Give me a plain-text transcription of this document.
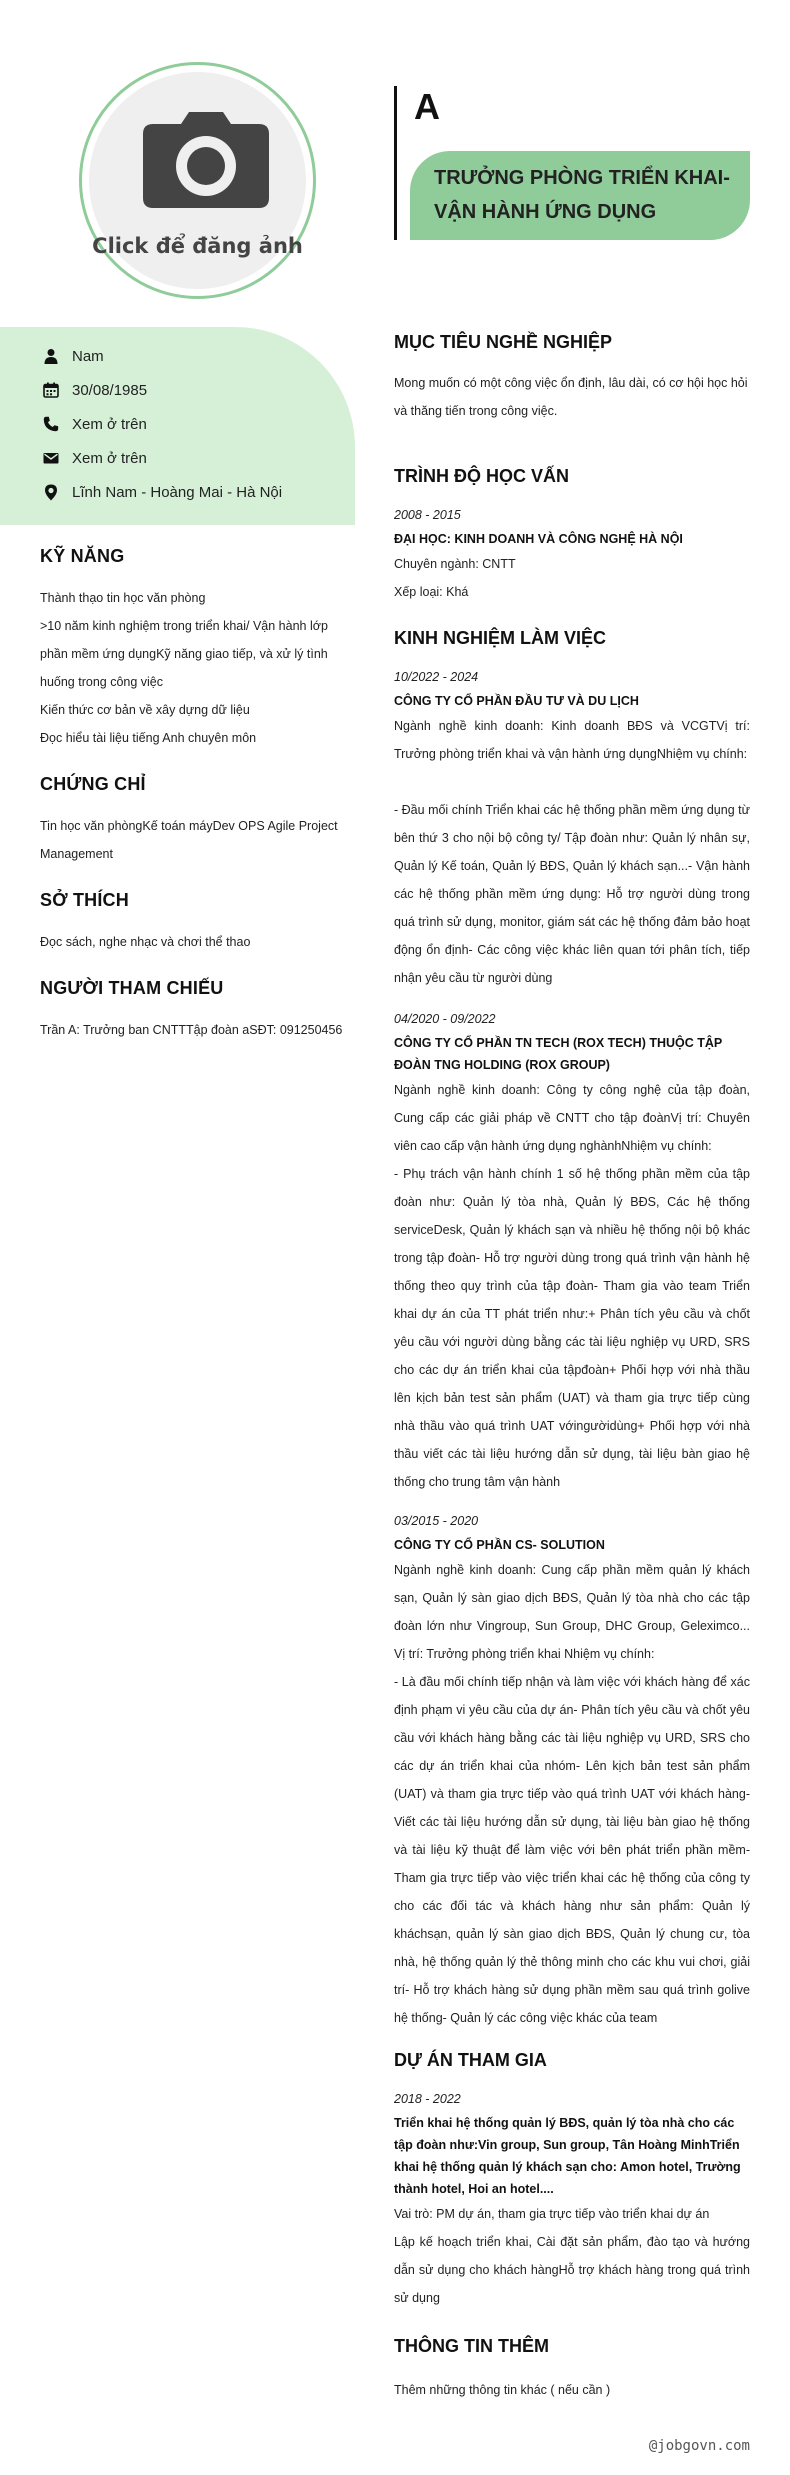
Click để đăng ảnh
A
TRƯỞNG PHÒNG TRIỂN KHAI- VẬN HÀNH ỨNG DỤNG
Nam
30/08/1985
Xem ở trên
Xem ở trên
Lĩnh Nam - Hoàng Mai - Hà Nội
KỸ NĂNG
Thành thạo tin học văn phòng
>10 năm kinh nghiệm trong triển khai/ Vận hành lớp phần mềm ứng dụngKỹ năng giao tiếp, và xử lý tình huống trong công việc
Kiến thức cơ bản về xây dựng dữ liệu
Đọc hiểu tài liệu tiếng Anh chuyên môn
CHỨNG CHỈ
Tin học văn phòngKế toán máyDev OPS Agile Project Management
SỞ THÍCH
Đọc sách, nghe nhạc và chơi thể thao
NGƯỜI THAM CHIẾU
Trần A: Trưởng ban CNTTTập đoàn aSĐT: 091250456
MỤC TIÊU NGHỀ NGHIỆP
Mong muốn có một công việc ổn định, lâu dài, có cơ hội học hỏi và thăng tiến trong công việc.
TRÌNH ĐỘ HỌC VẤN
2008 - 2015
ĐẠI HỌC: KINH DOANH VÀ CÔNG NGHỆ HÀ NỘI
Chuyên ngành: CNTT
Xếp loại: Khá
KINH NGHIỆM LÀM VIỆC
10/2022 - 2024
CÔNG TY CỔ PHẦN ĐẦU TƯ VÀ DU LỊCH
Ngành nghề kinh doanh: Kinh doanh BĐS và VCGTVị trí: Trưởng phòng triển khai và vận hành ứng dụngNhiệm vụ chính:
- Đầu mối chính Triển khai các hệ thống phần mềm ứng dụng từ bên thứ 3 cho nội bộ công ty/ Tập đoàn như: Quản lý nhân sự, Quản lý Kế toán, Quản lý BĐS, Quản lý khách sạn...- Vận hành các hệ thống phần mềm ứng dụng: Hỗ trợ người dùng trong quá trình sử dụng, monitor, giám sát các hệ thống đảm bảo hoạt động ổn định- Các công việc khác liên quan tới phân tích, tiếp nhận yêu cầu từ người dùng
04/2020 - 09/2022
CÔNG TY CỔ PHẦN TN TECH (ROX TECH) THUỘC TẬP ĐOÀN TNG HOLDING (ROX GROUP)
Ngành nghề kinh doanh: Công ty công nghệ của tập đoàn, Cung cấp các giải pháp về CNTT cho tập đoànVị trí: Chuyên viên cao cấp vận hành ứng dụng nghànhNhiệm vụ chính:
- Phụ trách vận hành chính 1 số hệ thống phần mềm của tập đoàn như: Quản lý tòa nhà, Quản lý BĐS, Các hệ thống serviceDesk, Quản lý khách sạn và nhiều hệ thống nội bộ khác trong tập đoàn- Hỗ trợ người dùng trong quá trình vận hành hệ thống theo quy trình của tập đoàn- Tham gia vào team Triển khai dự án của TT phát triển như:+ Phân tích yêu cầu và chốt yêu cầu với người dùng bằng các tài liệu nghiệp vụ URD, SRS cho các dự án triển khai của tậpđoàn+ Phối hợp với nhà thầu lên kịch bản test sản phẩm (UAT) và tham gia trực tiếp cùng nhà thầu vào quá trình UAT vớingườidùng+ Phối hợp với nhà thầu viết các tài liệu hướng dẫn sử dụng, tài liệu bàn giao hệ thống cho trung tâm vận hành
03/2015 - 2020
CÔNG TY CỔ PHẦN CS- SOLUTION
Ngành nghề kinh doanh: Cung cấp phần mềm quản lý khách sạn, Quản lý sàn giao dịch BĐS, Quản lý tòa nhà cho các tập đoàn lớn như Vingroup, Sun Group, DHC Group, Geleximco... Vị trí: Trưởng phòng triển khai Nhiệm vụ chính:
- Là đầu mối chính tiếp nhận và làm việc với khách hàng để xác định phạm vi yêu cầu của dự án- Phân tích yêu cầu và chốt yêu cầu với khách hàng bằng các tài liệu nghiệp vụ URD, SRS cho các dự án triển khai của nhóm- Lên kịch bản test sản phẩm (UAT) và tham gia trực tiếp vào quá trình UAT với khách hàng- Viết các tài liệu hướng dẫn sử dụng, tài liệu bàn giao hệ thống và tài liệu kỹ thuật để làm việc với bên phát triển phần mềm- Tham gia trực tiếp vào việc triển khai các hệ thống của công ty cho các đối tác và khách hàng như sản phẩm: Quản lý kháchsạn, quản lý sàn giao dịch BĐS, Quản lý chung cư, tòa nhà, hệ thống quản lý thẻ thông minh cho các khu vui chơi, giải trí- Hỗ trợ khách hàng sử dụng phần mềm sau quá trình golive hệ thống- Quản lý các công việc khác của team
DỰ ÁN THAM GIA
2018 - 2022
Triển khai hệ thống quản lý BĐS, quản lý tòa nhà cho các tập đoàn như:Vin group, Sun group, Tân Hoàng MinhTriển khai hệ thống quản lý khách sạn cho: Amon hotel, Trường thành hotel, Hoi an hotel....
Vai trò: PM dự án, tham gia trực tiếp vào triển khai dự án
Lập kế hoạch triển khai, Cài đặt sản phẩm, đào tạo và hướng dẫn sử dụng cho khách hàngHỗ trợ khách hàng trong quá trình sử dụng
THÔNG TIN THÊM
Thêm những thông tin khác ( nếu cần )
@jobgovn.com
